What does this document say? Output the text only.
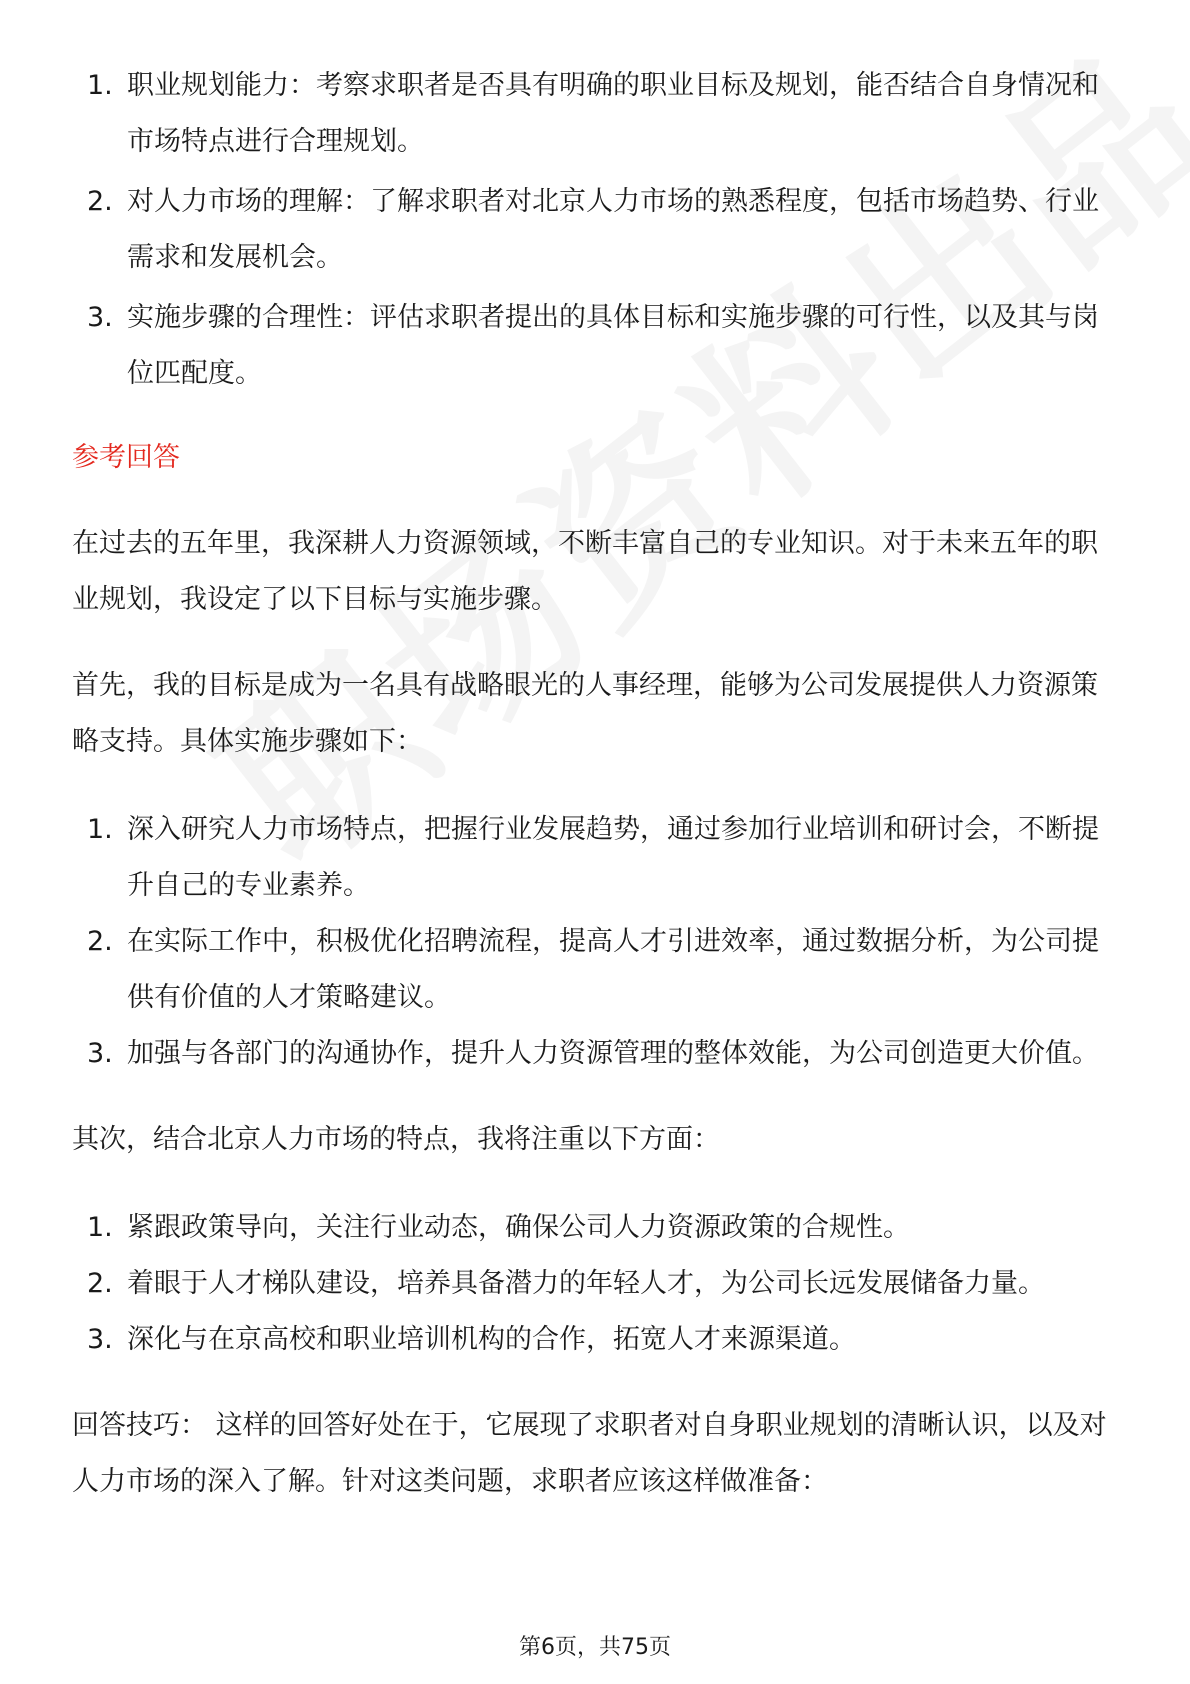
1. 职业规划能力：考察求职者是否具有明确的职业目标及规划，能否结合自身情况和市场特点进行合理规划。
2. 对人力市场的理解：了解求职者对北京人力市场的熟悉程度，包括市场趋势、行业需求和发展机会。
3. 实施步骤的合理性：评估求职者提出的具体目标和实施步骤的可行性，以及其与岗位匹配度。
参考回答

在过去的五年里，我深耕人力资源领域，不断丰富自己的专业知识。对于未来五年的职业规划，我设定了以下目标与实施步骤。

首先，我的目标是成为一名具有战略眼光的人事经理，能够为公司发展提供人力资源策略支持。具体实施步骤如下：

1. 深入研究人力市场特点，把握行业发展趋势，通过参加行业培训和研讨会，不断提升自己的专业素养。
2. 在实际工作中，积极优化招聘流程，提高人才引进效率，通过数据分析，为公司提供有价值的人才策略建议。
3. 加强与各部门的沟通协作，提升人力资源管理的整体效能，为公司创造更大价值。

其次，结合北京人力市场的特点，我将注重以下方面：

1. 紧跟政策导向，关注行业动态，确保公司人力资源政策的合规性。
2. 着眼于人才梯队建设，培养具备潜力的年轻人才，为公司长远发展储备力量。
3. 深化与在京高校和职业培训机构的合作，拓宽人才来源渠道。

回答技巧： 这样的回答好处在于，它展现了求职者对自身职业规划的清晰认识，以及对人力市场的深入了解。针对这类问题，求职者应该这样做准备：

第6页，共75页
